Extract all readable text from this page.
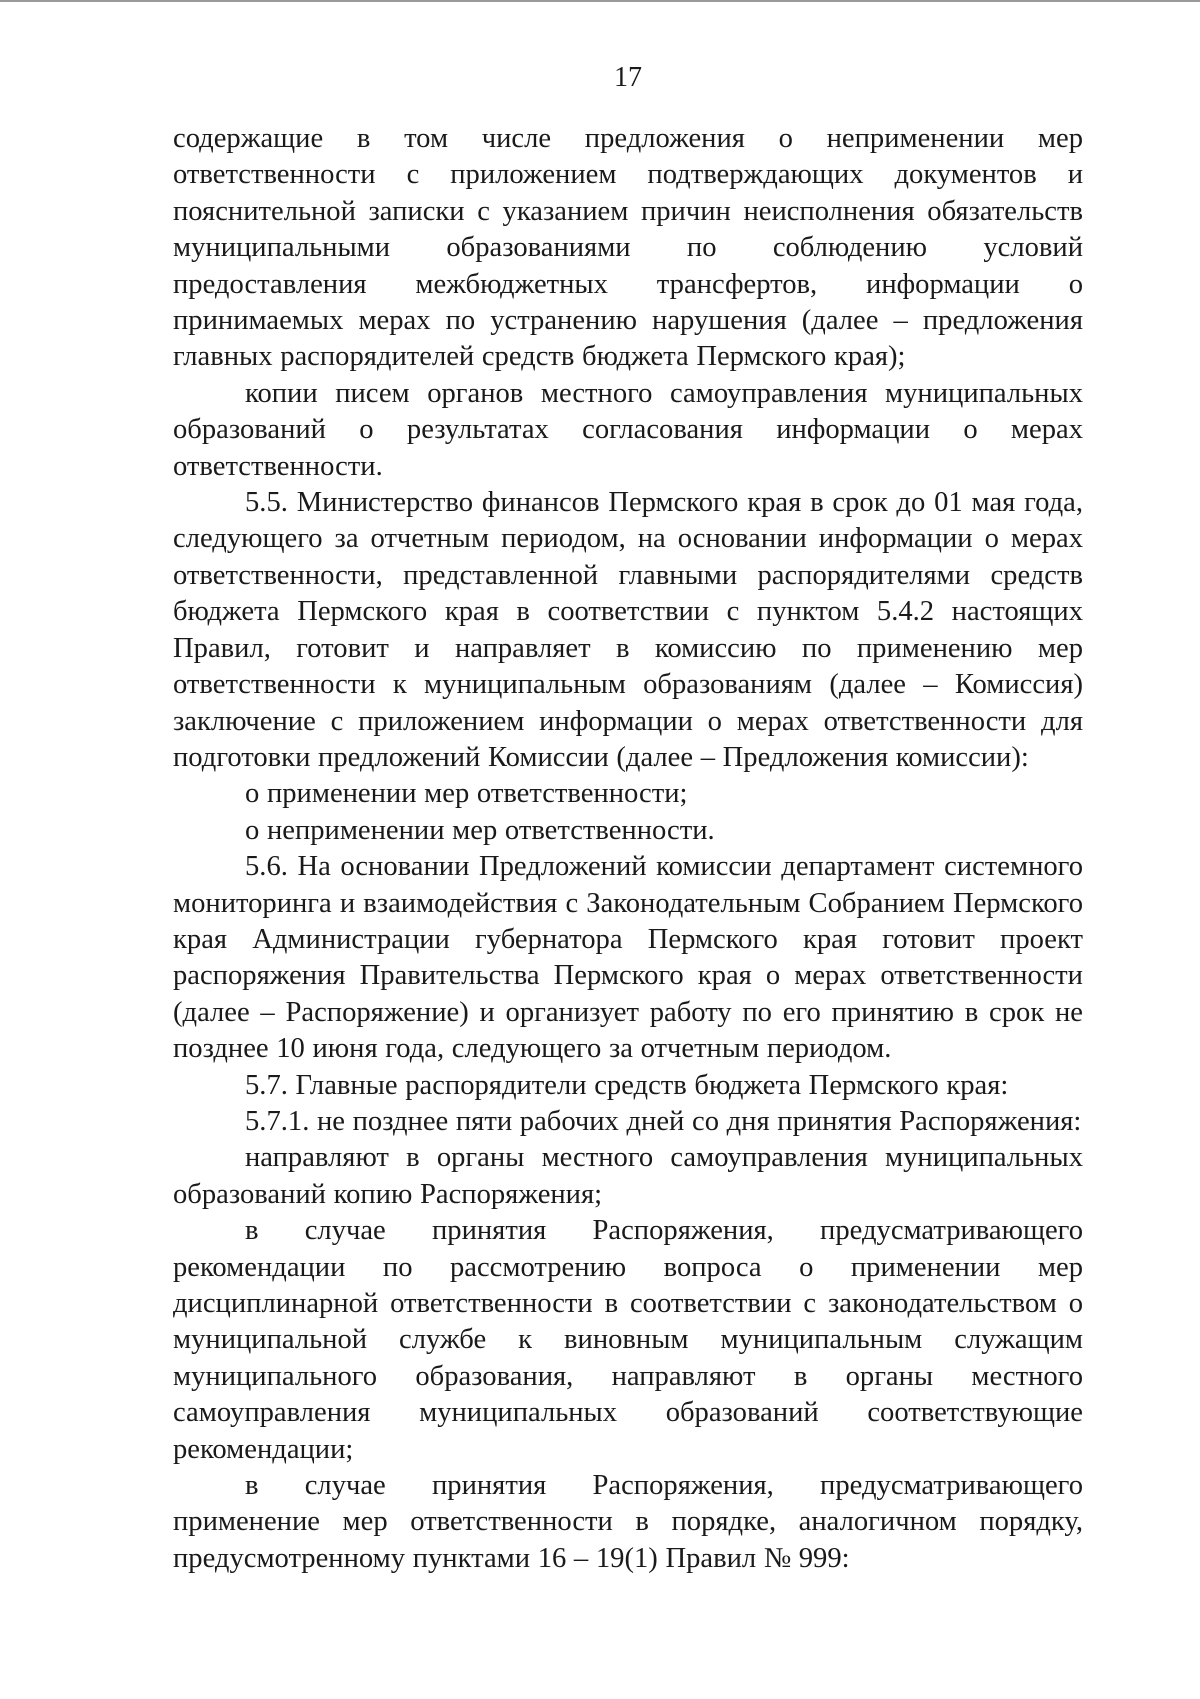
17

содержащие в том числе предложения о неприменении мер ответственности с приложением подтверждающих документов и пояснительной записки с указанием причин неисполнения обязательств муниципальными образованиями по соблюдению условий предоставления межбюджетных трансфертов, информации о принимаемых мерах по устранению нарушения (далее – предложения главных распорядителей средств бюджета Пермского края);

копии писем органов местного самоуправления муниципальных образований о результатах согласования информации о мерах ответственности.

5.5. Министерство финансов Пермского края в срок до 01 мая года, следующего за отчетным периодом, на основании информации о мерах ответственности, представленной главными распорядителями средств бюджета Пермского края в соответствии с пунктом 5.4.2 настоящих Правил, готовит и направляет в комиссию по применению мер ответственности к муниципальным образованиям (далее – Комиссия) заключение с приложением информации о мерах ответственности для подготовки предложений Комиссии (далее – Предложения комиссии):

о применении мер ответственности;

о неприменении мер ответственности.

5.6. На основании Предложений комиссии департамент системного мониторинга и взаимодействия с Законодательным Собранием Пермского края Администрации губернатора Пермского края готовит проект распоряжения Правительства Пермского края о мерах ответственности (далее – Распоряжение) и организует работу по его принятию в срок не позднее 10 июня года, следующего за отчетным периодом.

5.7. Главные распорядители средств бюджета Пермского края:

5.7.1. не позднее пяти рабочих дней со дня принятия Распоряжения:

направляют в органы местного самоуправления муниципальных образований копию Распоряжения;

в случае принятия Распоряжения, предусматривающего рекомендации по рассмотрению вопроса о применении мер дисциплинарной ответственности в соответствии с законодательством о муниципальной службе к виновным муниципальным служащим муниципального образования, направляют в органы местного самоуправления муниципальных образований соответствующие рекомендации;

в случае принятия Распоряжения, предусматривающего применение мер ответственности в порядке, аналогичном порядку, предусмотренному пунктами 16 – 19(1) Правил № 999:
